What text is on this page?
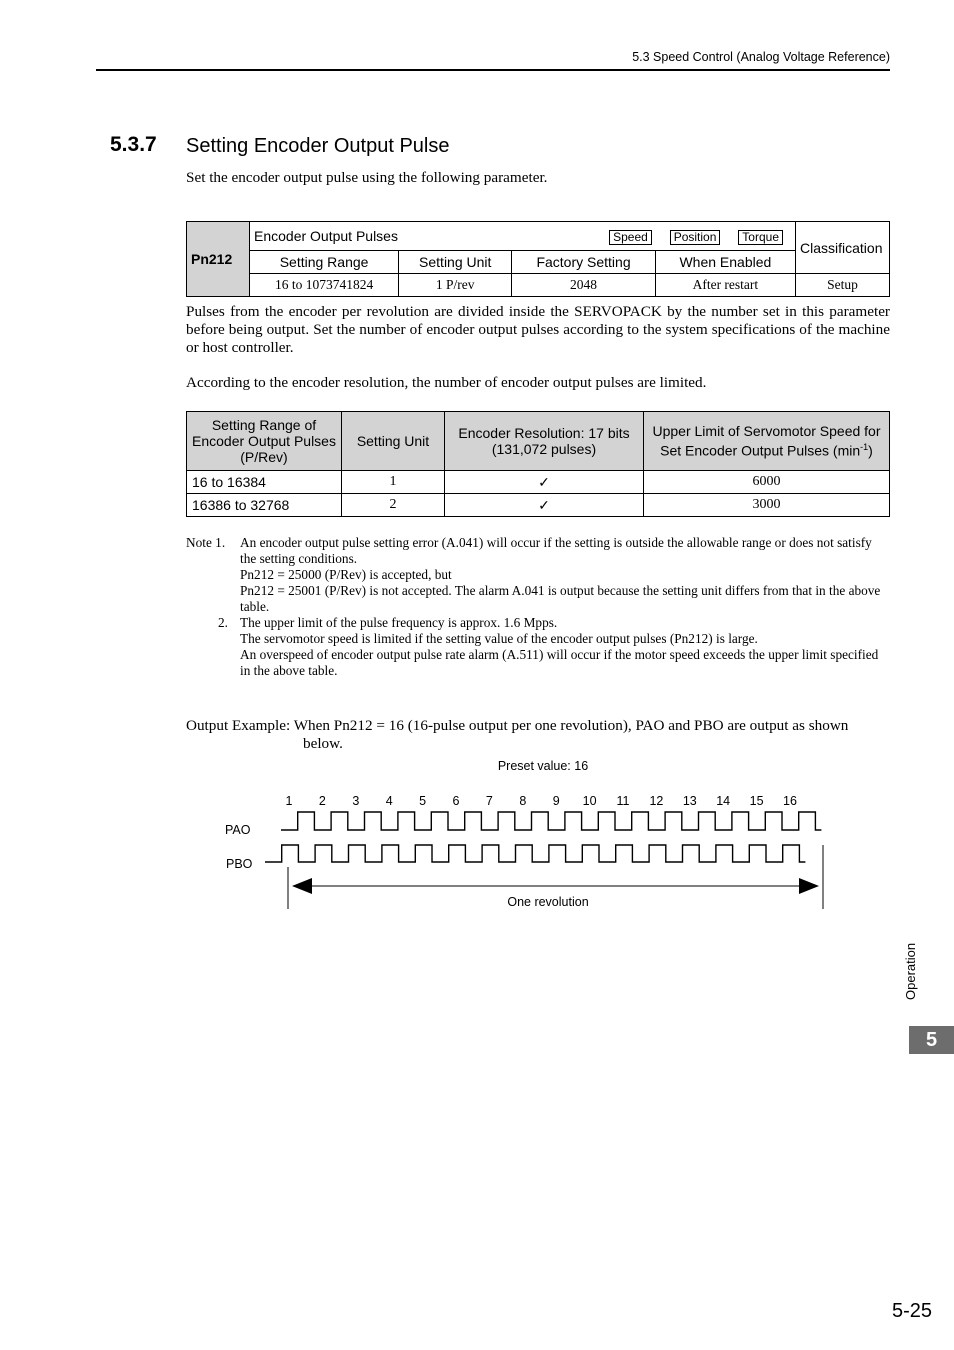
5.3 Speed Control (Analog Voltage Reference)
5.3.7 Setting Encoder Output Pulse
Set the encoder output pulse using the following parameter.
Pn212	Encoder Output Pulses Speed Position Torque				Classification
	Setting Range	Setting Unit	Factory Setting	When Enabled	
	16 to 1073741824	1 P/rev	2048	After restart	Setup
Pulses from the encoder per revolution are divided inside the SERVOPACK by the number set in this parameter before being output. Set the number of encoder output pulses according to the system specifications of the machine or host controller.
According to the encoder resolution, the number of encoder output pulses are limited.
Setting Range of Encoder Output Pulses (P/Rev)	Setting Unit	Encoder Resolution: 17 bits (131,072 pulses)	Upper Limit of Servomotor Speed for Set Encoder Output Pulses $(\min^{-1})$
16 to 16384	1	✓	6000
16386 to 32768	2	✓	3000
Note 1. An encoder output pulse setting error (A.041) will occur if the setting is outside the allowable range or does not satisfy the setting conditions.
Pn212 = 25000 (P/Rev) is accepted, but
Pn212 = 25001 (P/Rev) is not accepted. The alarm A.041 is output because the setting unit differs from that in the above table.
2. The upper limit of the pulse frequency is approx. 1.6 Mpps.
The servomotor speed is limited if the setting value of the encoder output pulses (Pn212) is large.
An overspeed of encoder output pulse rate alarm (A.511) will occur if the motor speed exceeds the upper limit specified in the above table.
Output Example: When Pn212 = 16 (16-pulse output per one revolution), PAO and PBO are output as shown
below.
Preset value: 16
1 2 3 4 5 6 7 8 9 10 11 12 13 14 15 16
PAO
PBO
One revolution
Operation
5
5-25
